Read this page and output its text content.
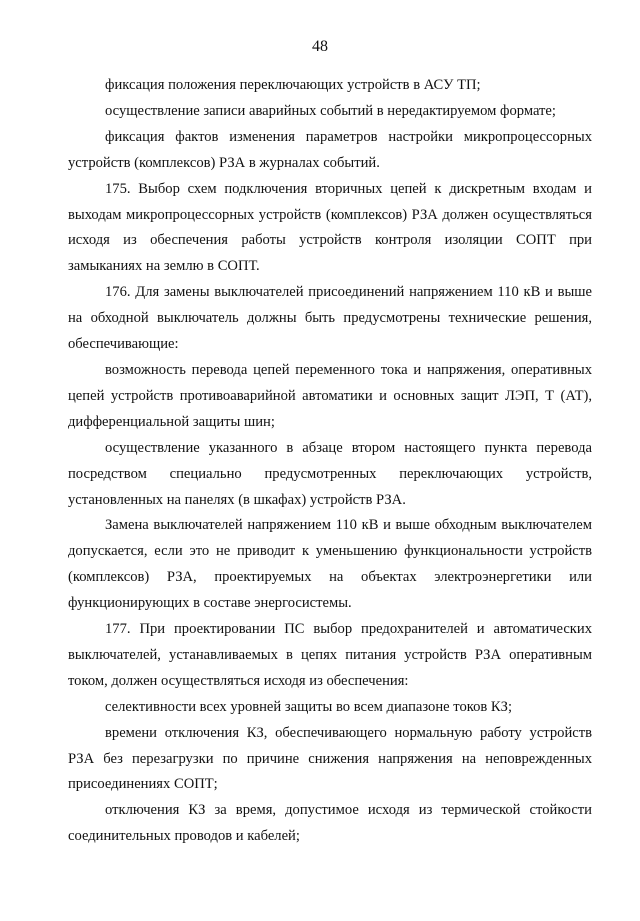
48

фиксация положения переключающих устройств в АСУ ТП;

осуществление записи аварийных событий в нередактируемом формате;

фиксация фактов изменения параметров настройки микропроцессорных устройств (комплексов) РЗА в журналах событий.

175. Выбор схем подключения вторичных цепей к дискретным входам и выходам микропроцессорных устройств (комплексов) РЗА должен осуществляться исходя из обеспечения работы устройств контроля изоляции СОПТ при замыканиях на землю в СОПТ.

176. Для замены выключателей присоединений напряжением 110 кВ и выше на обходной выключатель должны быть предусмотрены технические решения, обеспечивающие:

возможность перевода цепей переменного тока и напряжения, оперативных цепей устройств противоаварийной автоматики и основных защит ЛЭП, Т (АТ), дифференциальной защиты шин;

осуществление указанного в абзаце втором настоящего пункта перевода посредством специально предусмотренных переключающих устройств, установленных на панелях (в шкафах) устройств РЗА.

Замена выключателей напряжением 110 кВ и выше обходным выключателем допускается, если это не приводит к уменьшению функциональности устройств (комплексов) РЗА, проектируемых на объектах электроэнергетики или функционирующих в составе энергосистемы.

177. При проектировании ПС выбор предохранителей и автоматических выключателей, устанавливаемых в цепях питания устройств РЗА оперативным током, должен осуществляться исходя из обеспечения:

селективности всех уровней защиты во всем диапазоне токов КЗ;

времени отключения КЗ, обеспечивающего нормальную работу устройств РЗА без перезагрузки по причине снижения напряжения на неповрежденных присоединениях СОПТ;

отключения КЗ за время, допустимое исходя из термической стойкости соединительных проводов и кабелей;
